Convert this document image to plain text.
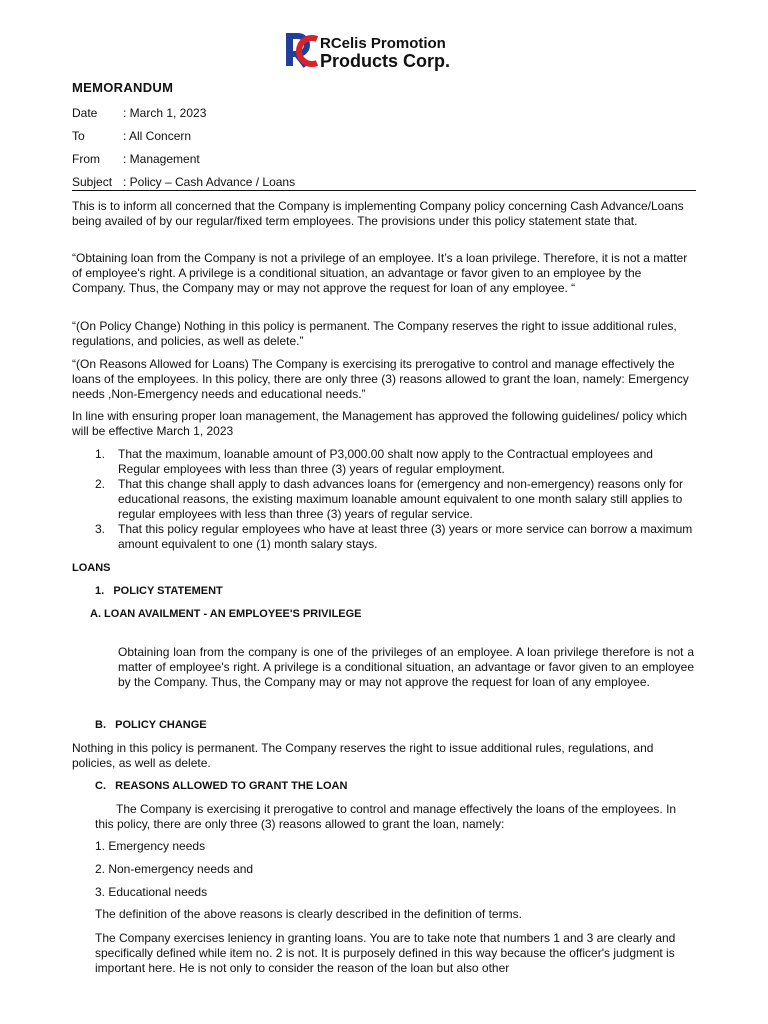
RCelis Promotion
Products Corp.
MEMORANDUM
Date : March 1, 2023
To	: All Concern
From : Management
Subject : Policy – Cash Advance / Loans
This is to inform all concerned that the Company is implementing Company policy concerning Cash Advance/Loans being availed of by our regular/fixed term employees. The provisions under this policy statement state that.
“Obtaining loan from the Company is not a privilege of an employee. It’s a loan privilege. Therefore, it is not a matter of employee's right. A privilege is a conditional situation, an advantage or favor given to an employee by the Company. Thus, the Company may or may not approve the request for loan of any employee. “
“(On Policy Change) Nothing in this policy is permanent. The Company reserves the right to issue additional rules, regulations, and policies, as well as delete.”
“(On Reasons Allowed for Loans) The Company is exercising its prerogative to control and manage effectively the loans of the employees. In this policy, there are only three (3) reasons allowed to grant the loan, namely: Emergency needs ,Non-Emergency needs and educational needs.”
In line with ensuring proper loan management, the Management has approved the following guidelines/ policy which will be effective March 1, 2023
1. That the maximum, loanable amount of P3,000.00 shalt now apply to the Contractual employees and Regular employees with less than three (3) years of regular employment.
2. That this change shall apply to dash advances loans for (emergency and non-emergency) reasons only for educational reasons, the existing maximum loanable amount equivalent to one month salary still applies to regular employees with less than three (3) years of regular service.
3. That this policy regular employees who have at least three (3) years or more service can borrow a maximum amount equivalent to one (1) month salary stays.
LOANS
1.   POLICY STATEMENT
A. LOAN AVAILMENT - AN EMPLOYEE'S PRIVILEGE
Obtaining loan from the company is one of the privileges of an employee. A loan privilege therefore is not a matter of employee's right. A privilege is a conditional situation, an advantage or favor given to an employee by the Company. Thus, the Company may or may not approve the request for loan of any employee.
B.   POLICY CHANGE
Nothing in this policy is permanent. The Company reserves the right to issue additional rules, regulations, and policies, as well as delete.
C.   REASONS ALLOWED TO GRANT THE LOAN
The Company is exercising it prerogative to control and manage effectively the loans of the employees. In this policy, there are only three (3) reasons allowed to grant the loan, namely:
1. Emergency needs
2. Non-emergency needs and
3. Educational needs
The definition of the above reasons is clearly described in the definition of terms.
The Company exercises leniency in granting loans. You are to take note that numbers 1 and 3 are clearly and specifically defined while item no. 2 is not. It is purposely defined in this way because the officer's judgment is important here. He is not only to consider the reason of the loan but also other
